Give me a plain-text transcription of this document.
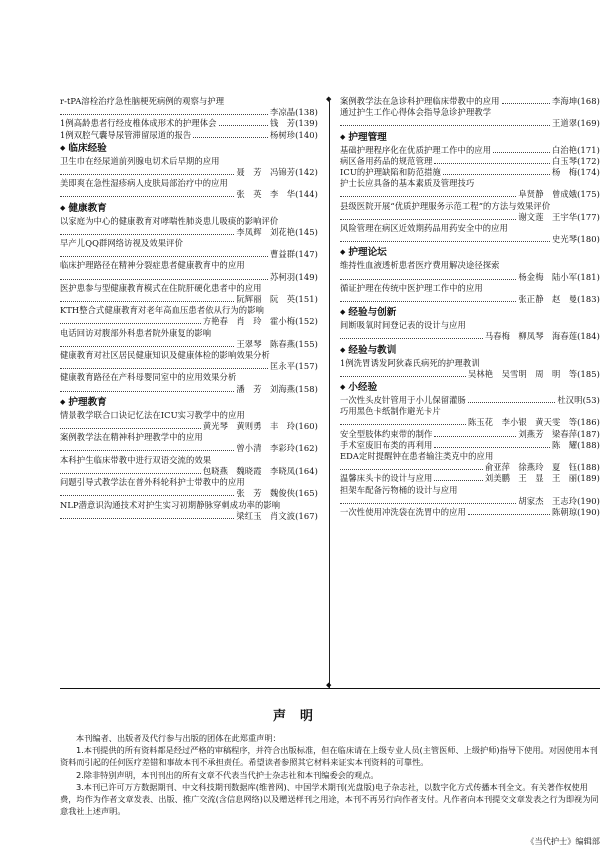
◆
◆
r-tPA溶栓治疗急性脑梗死病例的观察与护理
李凉晶(138)
1例高龄患者行经皮椎体成形术的护理体会	钱　芳(139)
1例双腔气囊导尿管滞留尿道的报告	杨树珍(140)
◆ 临床经验
卫生巾在经尿道前列腺电切术后早期的应用
聂　芳　冯锦芳(142)
美即爽在急性湿疹病人皮肤局部治疗中的应用
张　英　李　华(144)
◆ 健康教育
以家庭为中心的健康教育对哮喘性肺炎患儿吸痰的影响评价
李凤辉　刘花艳(145)
早产儿QQ群网络访视及效果评价
曹益群(147)
临床护理路径在精神分裂症患者健康教育中的应用
苏柯羽(149)
医护患参与型健康教育模式在住院肝硬化患者中的应用
阮辉丽　阮　英(151)
KTH整合式健康教育对老年高血压患者依从行为的影响
方艳春　肖　玲　霍小梅(152)
电话回访对腹部外科患者院外康复的影响
王翠琴　陈春燕(155)
健康教育对社区居民健康知识及健康体检的影响效果分析
匡永平(157)
健康教育路径在产科母婴同室中的应用效果分析
潘　芳　刘海燕(158)
◆ 护理教育
情景教学联合口诀记忆法在ICU实习教学中的应用
黄光琴　黄则勇　丰　玲(160)
案例教学法在精神科护理教学中的应用
曾小清　李彩玲(162)
本科护生临床带教中进行双语交流的效果
包晓燕　魏晓霞　李晓凤(164)
问题引导式教学法在普外科轮科护士带教中的应用
张　芳　魏俊侠(165)
NLP潜意识沟通技术对护生实习初期静脉穿刺成功率的影响
梁红玉　肖文波(167)
案例教学法在急诊科护理临床带教中的应用	李海坤(168)
通过护生工作心得体会指导急诊护理教学
王道翠(169)
◆ 护理管理
基础护理程序化在优质护理工作中的应用	白治艳(171)
病区备用药品的规范管理	白玉琴(172)
ICU的护理缺陷和防范措施	杨　梅(174)
护士长应具备的基本素质及管理技巧
阜贤静　曾成娥(175)
县级医院开展“优质护理服务示范工程”的方法与效果评价
谢文莲　王宇华(177)
风险管理在病区近效期药品用药安全中的应用
史光琴(180)
◆ 护理论坛
维持性血液透析患者医疗费用解决途径探索
杨金梅　陆小军(181)
循证护理在传统中医护理工作中的应用
张正静　赵　曼(183)
◆ 经验与创新
间断吸氧时间登记表的设计与应用
马春梅　柳凤琴　海春莲(184)
◆ 经验与教训
1例洗胃诱发阿狄森氏病死的护理教训
吴林艳　吴雪明　周　明　等(185)
◆ 小经验
一次性头皮针管用于小儿保留灌肠	杜汉明(53)
巧用黑色卡纸制作避光卡片
陈玉花　李小银　黄天雯　等(186)
安全型肢体约束带的制作	刘燕芳　梁春萍(187)
手术室废旧布类的再利用	陈　耀(188)
EDA定时提醒钟在患者输注类克中的应用
俞亚萍　徐燕玲　夏　钰(188)
温馨床头卡的设计与应用	刘美鹏　王　显　王　丽(189)
担架车配备污物桶的设计与应用
胡家杰　王志玲(190)
一次性使用冲洗袋在洗胃中的应用	陈朝琼(190)
声明

本刊编者、出版者及代行参与出版的团体在此郑重声明：

1.本刊提供的所有资料都是经过严格的审稿程序，并符合出版标准，但在临床请在上级专业人员(主管医师、上级护师)指导下使用。对因使用本刊资料而引起的任何医疗差错和事故本刊不承担责任。希望读者参照其它材料来证实本刊资料的可靠性。

2.除非特别声明，本刊刊出的所有文章不代表当代护士杂志社和本刊编委会的观点。

3.本刊已许可万方数据期刊、中文科技期刊数据库(维普网)、中国学术期刊(光盘版)电子杂志社，以数字化方式传播本刊全文。有关著作权使用费，均作为作者文章发表、出版、推广交流(含信息网络)以及赠送样刊之用途，本刊不再另行向作者支付。凡作者向本刊提交文章发表之行为即视为同意我社上述声明。

《当代护士》编辑部
